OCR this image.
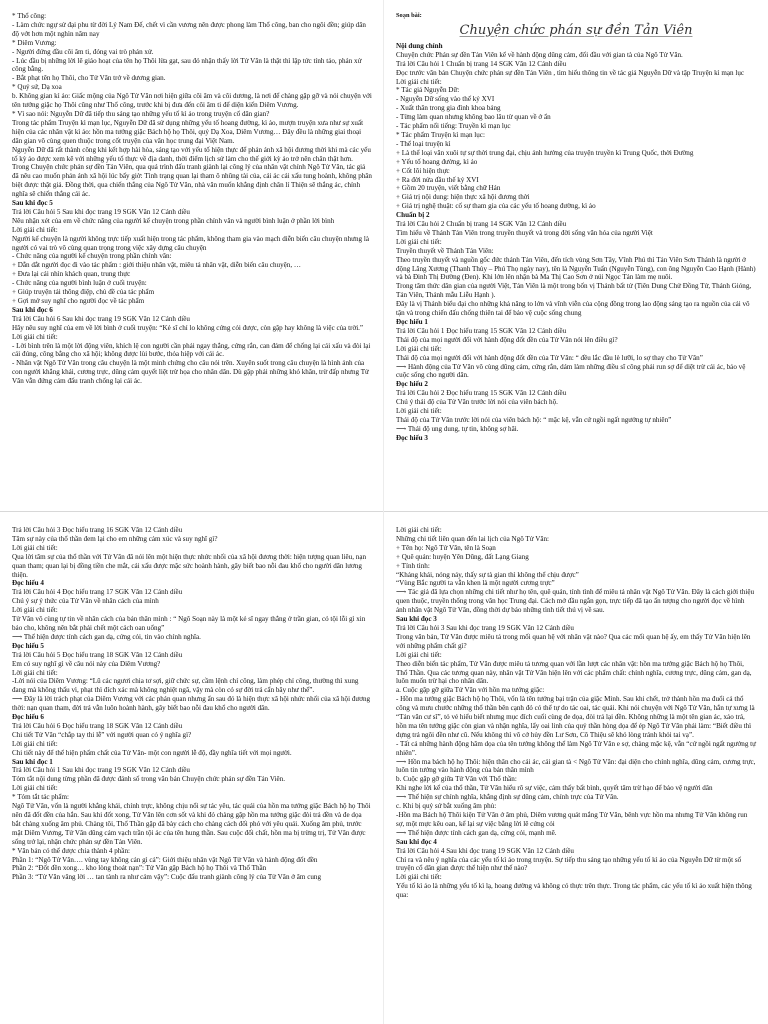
* Thổ công:

- Làm chức ngự sử đại phu từ đời Lý Nam Đế, chết vì cần vương nên được phong làm Thổ công, ban cho ngôi đền; giúp dân độ vớt hơn một nghìn năm nay

* Diêm Vương:

- Người đứng đầu cõi âm ti, đóng vai trò phán xử.

- Lúc đầu bị những lời lẽ giáo hoạt của tên họ Thôi lừa gạt, sau đó nhận thấy lời Tử Văn là thật thì lập tức tính tảo, phán xử công bằng.

- Bắt phạt tên họ Thôi, cho Tử Văn trở về dương gian.

* Quỷ sứ, Dạ xoa

b. Không gian kì ảo: Giấc mộng của Ngô Tử Văn nơi hiện giữa cõi âm và cõi dương, là nơi để chàng gặp gỡ và nói chuyện với tên tướng giặc họ Thôi cũng như Thổ công, trước khi bị đưa đến cõi âm ti để diện kiến Diêm Vương.

* Vì sao nói: Nguyễn Dữ đã tiếp thu sáng tạo những yếu tố kì ảo trong truyện cổ dân gian?

Trong tác phẩm Truyện kì mạn lục, Nguyễn Dữ đã sử dụng những yếu tố hoang đường, kì ảo, mượn truyện xưa như sự xuất hiện của các nhân vật kì ảo: hồn ma tướng giặc Bách hộ họ Thôi, quỷ Dạ Xoa, Diêm Vương… Đây đều là những giai thoại dân gian vô cùng quen thuộc trong cốt truyện của văn học trung đại Việt Nam.

Nguyễn Dữ đã rất thành công khi kết hợp hài hòa, sáng tạo với yếu tố hiện thực để phản ánh xã hội đương thời khi mà các yếu tố kỳ ảo được xem kẽ với những yếu tố thực về địa danh, thời điểm lịch sử làm cho thế giới kỳ ảo trở nên chân thật hơn.

Trong Chuyện chức phán sự đền Tản Viên, qua quá trình đấu tranh giành lại công lý của nhân vật chính Ngô Tử Văn, tác giả đã nêu cao muốn phản ánh xã hội lúc bấy giờ: Tình trạng quan lại tham ô nhũng tài của, cái ác cái xấu tung hoành, không phân biệt được thật giả. Đồng thời, qua chiến thắng của Ngô Tử Văn, nhà văn muốn khẳng định chân lí Thiện sẽ thắng ác, chính nghĩa sẽ chiến thắng cái ác.

Sau khi đọc 5

Trả lời Câu hỏi 5 Sau khi đọc trang 19 SGK Văn 12 Cánh diều

Nêu nhận xét của em về chức năng của người kể chuyện trong phần chính văn và người bình luận ở phần lời bình

Lời giải chi tiết:

Người kể chuyện là người không trực tiếp xuất hiện trong tác phẩm, không tham gia vào mạch diễn biến câu chuyện nhưng là người có vai trò vô cùng quan trọng trong việc xây dựng câu chuyện

- Chức năng của người kể chuyện trong phần chính văn:

+ Dẫn dắt người đọc đi vào tác phẩm : giới thiệu nhân vật, miêu tả nhân vật, diễn biến câu chuyện, …

+ Đưa lại cái nhìn khách quan, trung thực

- Chức năng của người bình luận ở cuối truyện:

+ Giúp truyện tải thông điệp, chủ đề của tác phẩm

+ Gợi mở suy nghĩ cho người đọc về tác phẩm

Sau khi đọc 6

Trả lời Câu hỏi 6 Sau khi đọc trang 19 SGK Văn 12 Cánh diều

Hãy nêu suy nghĩ của em về lời bình ở cuối truyện: “Kẻ sĩ chỉ lo không cứng cỏi được, còn gặp hay không là việc của trời.”

Lời giải chi tiết:

- Lời bình trên là một lời động viên, khích lệ con người cần phải ngay thẳng, cứng rắn, can đảm để chống lại cái xấu và đòi lại cái đúng, công bằng cho xã hội; không được lùi bước, thỏa hiệp với cái ác.

- Nhân vật Ngô Tử Văn trong câu chuyện là một minh chứng cho câu nói trên. Xuyên suốt trong câu chuyện là hình ảnh của con người khẳng khái, cương trực, dũng cảm quyết liệt trừ họa cho nhân dân. Dù gặp phải những khó khăn, trừ đấp nhưng Tử Văn vẫn đứng cảm đấu tranh chống lại cái ác.

Soạn bài:

Chuyện chức phán sự đền Tản Viên

Nội dung chính

Chuyện chức Phán sự đền Tản Viên kể về hành động dũng cảm, đối đầu với gian tà của Ngô Tử Văn.

Trả lời Câu hỏi 1 Chuẩn bị trang 14 SGK Văn 12 Cánh diều

Đọc trước văn bản Chuyện chức phán sự đền Tản Viên , tìm hiểu thông tin về tác giả Nguyễn Dữ và tập Truyện kì mạn lục

Lời giải chi tiết:

* Tác giả Nguyễn Dữ:

- Nguyễn Dữ sống vào thế kỷ XVI

- Xuất thân trong gia đình khoa bảng

- Từng làm quan nhưng không bao lâu từ quan về ở ẩn

- Tác phẩm nổi tiếng: Truyền kì mạn lục

* Tác phẩm Truyện kì mạn lục:

- Thể loại truyện kì

+ Là thể loại văn xuôi tự sự thời trung đại, chịu ảnh hưởng của truyện truyền kì Trung Quốc, thời Đường

+ Yếu tố hoang đường, kì ảo

+ Cốt lõi hiện thực

+ Ra đời nửa đầu thế kỷ XVI

+ Gồm 20 truyện, viết bằng chữ Hán

+ Giá trị nội dung: hiện thực xã hội đương thời

+ Giá trị nghệ thuật: cố sự tham gia của các yếu tố hoang đường, kì ảo

Chuẩn bị 2

Trả lời Câu hỏi 2 Chuẩn bị trang 14 SGK Văn 12 Cánh diều

Tìm hiểu về Thánh Tản Viên trong truyền thuyết và trong đời sống văn hóa của người Việt

Lời giải chi tiết:

Truyền thuyết về Thánh Tản Viên:

Theo truyền thuyết và nguồn gốc đức thánh Tản Viên, đến tích vùng Sơn Tây, Vĩnh Phú thì Tản Viên Sơn Thánh là người ở động Lăng Xương (Thanh Thủy – Phú Thọ ngày nay), tên là Nguyễn Tuấn (Nguyễn Tùng), con ông Nguyễn Cao Hạnh (Hành) và bà Đinh Thị Đường (Đen). Khi lớn lên nhận bà Ma Thị Cao Sơn ở núi Ngọc Tản làm mẹ nuôi.

Trong tâm thức dân gian của người Việt, Tản Viên là một trong bốn vị Thánh bất tử (Tiên Dung Chử Đồng Tử, Thánh Gióng, Tản Viên, Thánh mẫu Liễu Hạnh ).

Đây là vị Thánh biểu đại cho những khả năng to lớn và vĩnh viễn của cộng đồng trong lao động sáng tạo ra nguồn của cải vô tận và trong chiến đấu chống thiên tai để bảo vệ cuộc sống chung

Đọc hiểu 1

Trả lời Câu hỏi 1 Đọc hiểu trang 15 SGK Văn 12 Cánh diều

Thái độ của mọi người đối với hành động đốt đền của Tử Văn nói lên điều gì?

Lời giải chi tiết:

Thái độ của mọi người đối với hành động đốt đền của Tử Văn: “ đều lắc đầu lè lưỡi, lo sợ thay cho Tử Văn”

⟶ Hành động của Tử Văn vô cùng dũng cảm, cứng rắn, dám làm những điều sĩ công phải run sợ để diệt trừ cái ác, bảo vệ cuộc sống cho người dân.

Đọc hiểu 2

Trả lời Câu hỏi 2 Đọc hiểu trang 15 SGK Văn 12 Cánh diều

Chú ý thái độ của Tử Văn trước lời nói của viên bách hộ.

Lời giải chi tiết:

Thái độ của Tử Văn trước lời nói của viên bách hộ: “ mặc kệ, vẫn cứ ngồi ngất ngưởng tự nhiên”

⟶ Thái độ ung dung, tự tin, không sợ hãi.

Đọc hiểu 3

Trả lời Câu hỏi 3 Đọc hiểu trang 16 SGK Văn 12 Cánh diều

Tâm sự này của thổ thần đem lại cho em những cảm xúc và suy nghĩ gì?

Lời giải chi tiết:

Qua lời tâm sự của thổ thần với Tử Văn đã nói lên một hiện thực nhức nhối của xã hội đương thời: hiện tượng quan liêu, nạn quan tham; quan lại bị đồng tiền che mắt, cái xấu được mặc sức hoành hành, gây biết bao nỗi đau khổ cho người dân lương thiện.

Đọc hiểu 4

Trả lời Câu hỏi 4 Đọc hiểu trang 17 SGK Văn 12 Cánh diều

Chú ý sự ý thức của Tử Văn về nhân cách của mình

Lời giải chi tiết:

Tử Văn vô cùng tự tin về nhân cách của bản thân mình : “ Ngô Soạn này là một kẻ sĩ ngay thẳng ở trần gian, có tội lỗi gì xin bảo cho, không nên bắt phải chết một cách oan uổng”

⟶ Thể hiện được tính cách gan dạ, cứng cỏi, tin vào chính nghĩa.

Đọc hiểu 5

Trả lời Câu hỏi 5 Đọc hiểu trang 18 SGK Văn 12 Cánh diều

Em có suy nghĩ gì về câu nói này của Diêm Vương?

Lời giải chi tiết:

-Lời nói của Diêm Vương: “Lũ các ngươi chia tơ sợi, giữ chức sự, cầm lệnh chí công, làm phép chỉ công, thường thì xung đang mà không thấu vì, phạt thì đích xác mà không nghiệt ngã, vậy mà còn có sự đời trá cẩn bây như thế”.

⟶ Đây là lời trách phạt của Diêm Vương với các phán quan nhưng ẩn sau đó là hiện thực xã hội nhức nhối của xã hội đương thời: nạn quan tham, đời trá vẫn luôn hoành hành, gây biết bao nỗi đau khổ cho người dân.

Đọc hiểu 6

Trả lời Câu hỏi 6 Đọc hiểu trang 18 SGK Văn 12 Cánh diều

Chi tiết Tử Văn “chắp tay thi lễ” với người quan có ý nghĩa gì?

Lời giải chi tiết:

Chi tiết này để thể hiện phẩm chất của Tử Văn- một con người lễ độ, đầy nghĩa tiết với mọi người.

Sau khi đọc 1

Trả lời Câu hỏi 1 Sau khi đọc trang 19 SGK Văn 12 Cánh diều

Tóm tắt nội dung từng phần đã được đánh số trong văn bản Chuyện chức phán sự đền Tản Viên.

Lời giải chi tiết:

* Tóm tắt tác phẩm:

Ngô Tử Văn, vốn là người khẳng khái, chính trực, không chịu nổi sự tác yêu, tác quái của hồn ma tướng giặc Bách hộ họ Thôi nên đã đốt đền của hắn. Sau khi đốt xong, Tử Văn lên cơn sốt và khi đó chàng gặp hồn ma tướng giặc đòi trả đền và đe dọa bắt chàng xuống âm phủ. Chàng tôi, Thổ Thần gặp đã bày cách cho chàng cách đối phó với yêu quái. Xuống âm phủ, trước mặt Diêm Vương, Tử Văn dũng cảm vạch trần tội ác của tên hung thần. Sau cuộc đối chất, hồn ma bị trừng trị, Tử Văn được sống trở lại, nhận chức phán sự đền Tản Viên.

* Văn bản có thể được chia thành 4 phần:

Phần 1: “Ngô Tử Văn…. vùng tay không cản gì cả”: Giới thiệu nhân vật Ngô Tử Văn và hành động đốt đền

Phần 2: “Đốt đền xong… kho lòng thoát nạn”: Tử Văn gặp Bách hộ họ Thôi và Thổ Thần

Phần 3: “Tử Văn vâng lời … tan tành ra như cám vậy”: Cuộc đấu tranh giành công lý của Tử Văn ở âm cung

Lời giải chi tiết:

Những chi tiết liên quan đến lai lịch của Ngô Tử Văn:

+ Tên họ: Ngô Tử Văn, tên là Soạn

+ Quê quán: huyện Yên Dũng, đất Lạng Giang

+ Tính tình:

“Khảng khái, nóng nảy, thấy sự tà gian thì không thể chịu được”

“Vùng Bắc người ta vẫn khen là một người cương trực”

⟶ Tác giả đã lựa chọn những chi tiết như họ tên, quê quán, tính tình để miêu tả nhân vật Ngô Tử Văn. Đây là cách giới thiệu quen thuộc, truyền thống trong văn học Trung đại. Cách mở đầu ngắn gọn, trực tiếp đã tạo ấn tượng cho người đọc về hình ảnh nhân vật Ngô Tử Văn, đồng thời dự báo những tình tiết thú vị về sau.

Sau khi đọc 3

Trả lời Câu hỏi 3 Sau khi đọc trang 19 SGK Văn 12 Cánh diều

Trong văn bản, Tử Văn được miêu tả trong mối quan hệ với nhân vật nào? Qua các mối quan hệ ấy, em thấy Tử Văn hiện lên với những phẩm chất gì?

Lời giải chi tiết:

Theo diễn biến tác phẩm, Tử Văn được miêu tả tương quan với lần lượt các nhân vật: hồn ma tướng giặc Bách hộ họ Thôi, Thổ Thần. Qua các tương quan này, nhân vật Tử Văn hiện lên với các phẩm chất: chính nghĩa, cương trực, dũng cảm, gan dạ, luôn muốn trừ hại cho nhân dân.

a. Cuộc gặp gỡ giữa Tử Văn với hồn ma tướng giặc:

- Hồn ma tướng giặc Bách hộ họ Thôi, vốn là tên tướng bại trận của giặc Minh. Sau khi chết, trở thành hồn ma đuổi cả thổ công và mưu chước những thổ thần bên cạnh đó có thể tự do tác oai, tác quái. Khi nói chuyện với Ngô Tử Văn, hắn tự xưng là “Tản văn cư sĩ”, tỏ vẻ hiểu biết nhưng mục đích cuối cùng đe dọa, đòi trả lại đền. Không những là một tên gian ác, xảo trá, hồn ma tên tướng giặc còn gian và nhận nghĩa, lẩy oai linh của quỷ thần hòng dọa để ép Ngô Tử Văn phải làm: “Biết điều thì dựng trả ngôi đền như cũ. Nếu không thì vô cớ hủy đền Lư Sơn, Cô Thiệu sẽ khó lòng tránh khỏi tai vạ”.

- Tất cả những hành động hăm dọa của tên tướng không thể làm Ngô Tử Văn e sợ, chàng mặc kệ, vẫn “cứ ngồi ngất ngưởng tự nhiên”.

⟶ Hồn ma bách hộ họ Thôi: hiện thân cho cái ác, cái gian tà < Ngô Tử Văn: đại diện cho chính nghĩa, dũng cảm, cương trực, luôn tin tưởng vào hành động của bản thân mình

b. Cuộc gặp gỡ giữa Tử Văn với Thổ thần:

Khi nghe lời kể của thổ thần, Tử Văn hiểu rõ sự việc, cảm thấy bất bình, quyết tâm trừ hạo để bảo vệ người dân

⟶ Thể hiện sự chính nghĩa, khẳng định sự dũng cảm, chính trực của Tử Văn.

c. Khi bị quỷ sứ bắt xuống âm phủ:

-Hồn ma Bách hộ Thôi kiện Tử Văn ở âm phủ, Diêm vương quát mắng Tử Văn, bênh vực hồn ma nhưng Tử Văn không run sợ, một mực kêu oan, kể lại sự việc bằng lời lẽ cứng cỏi

⟶ Thể hiện được tính cách gan dạ, cứng cỏi, mạnh mẽ.

Sau khi đọc 4

Trả lời Câu hỏi 4 Sau khi đọc trang 19 SGK Văn 12 Cánh diều

Chỉ ra và nêu ý nghĩa của các yếu tố kì ảo trong truyện. Sự tiếp thu sáng tạo những yếu tố kì ảo của Nguyễn Dữ từ một số truyện cổ dân gian được thể hiện như thế nào?

Lời giải chi tiết:

Yếu tố kì ảo là những yếu tố kì lạ, hoang đường và không có thực trên thực. Trong tác phẩm, các yếu tố kì ảo xuất hiện thông qua:
